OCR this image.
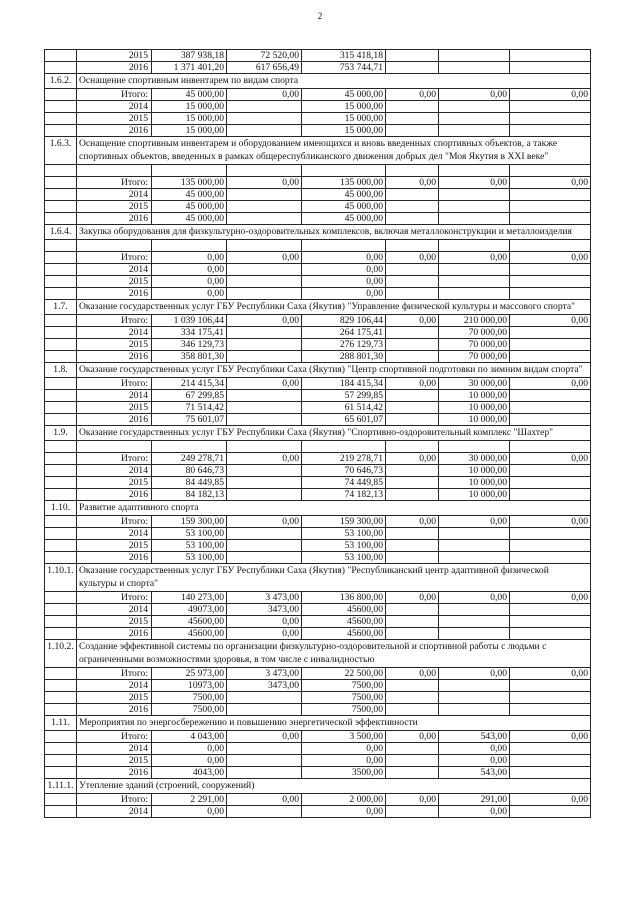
2
	2015	387 938,18	72 520,00	315 418,18			
	2016	1 371 401,20	617 656,49	753 744,71			
1.6.2.	Оснащение спортивным инвентарем по видам спорта						
	Итого:	45 000,00	0,00	45 000,00	0,00	0,00	0,00
	2014	15 000,00		15 000,00			
	2015	15 000,00		15 000,00			
	2016	15 000,00		15 000,00			
1.6.3.	Оснащение спортивным инвентарем и оборудованием имеющихся и вновь введенных спортивных объектов, а также спортивных объектов, введенных в рамках общереспубликанского движения добрых дел "Моя Якутия в XXI веке"						

	Итого:	135 000,00	0,00	135 000,00	0,00	0,00	0,00
	2014	45 000,00		45 000,00			
	2015	45 000,00		45 000,00			
	2016	45 000,00		45 000,00			
1.6.4.	Закупка оборудования для физкультурно-оздоровительных комплексов, включая металлоконструкции и металлоизделия						

	Итого:	0,00	0,00	0,00	0,00	0,00	0,00
	2014	0,00		0,00			
	2015	0,00		0,00			
	2016	0,00		0,00			
1.7.	Оказание государственных услуг ГБУ Республики Саха (Якутия) "Управление физической культуры и массового спорта"						
	Итого:	1 039 106,44	0,00	829 106,44	0,00	210 000,00	0,00
	2014	334 175,41		264 175,41		70 000,00	
	2015	346 129,73		276 129,73		70 000,00	
	2016	358 801,30		288 801,30		70 000,00	
1.8.	Оказание государственных услуг ГБУ Республики Саха (Якутия) "Центр спортивной подготовки по зимним видам спорта"						
	Итого:	214 415,34	0,00	184 415,34	0,00	30 000,00	0,00
	2014	67 299,85		57 299,85		10 000,00	
	2015	71 514,42		61 514,42		10 000,00	
	2016	75 601,07		65 601,07		10 000,00	
1.9.	Оказание государственных услуг ГБУ Республики Саха (Якутия) "Спортивно-оздоровительный комплекс "Шахтер"						

	Итого:	249 278,71	0,00	219 278,71	0,00	30 000,00	0,00
	2014	80 646,73		70 646,73		10 000,00	
	2015	84 449,85		74 449,85		10 000,00	
	2016	84 182,13		74 182,13		10 000,00	
1.10.	Развитие адаптивного спорта						
	Итого:	159 300,00	0,00	159 300,00	0,00	0,00	0,00
	2014	53 100,00		53 100,00			
	2015	53 100,00		53 100,00			
	2016	53 100,00		53 100,00			
1.10.1.	Оказание государственных услуг ГБУ Республики Саха (Якутия) "Республиканский центр адаптивной физической культуры и спорта"						
	Итого:	140 273,00	3 473,00	136 800,00	0,00	0,00	0,00
	2014	49073,00	3473,00	45600,00			
	2015	45600,00	0,00	45600,00			
	2016	45600,00	0,00	45600,00			
1.10.2.	Создание эффективной системы по организации физкультурно-оздоровительной и спортивной работы с людьми с ограниченными возможностями здоровья, в том числе с инвалидностью						
	Итого:	25 973,00	3 473,00	22 500,00	0,00	0,00	0,00
	2014	10973,00	3473,00	7500,00			
	2015	7500,00		7500,00			
	2016	7500,00		7500,00			
1.11.	Мероприятия по энергосбережению и повышению энергетической эффективности						
	Итого:	4 043,00	0,00	3 500,00	0,00	543,00	0,00
	2014	0,00		0,00		0,00	
	2015	0,00		0,00		0,00	
	2016	4043,00		3500,00		543,00	
1.11.1.	Утепление зданий (строений, сооружений)						
	Итого:	2 291,00	0,00	2 000,00	0,00	291,00	0,00
	2014	0,00		0,00		0,00	
